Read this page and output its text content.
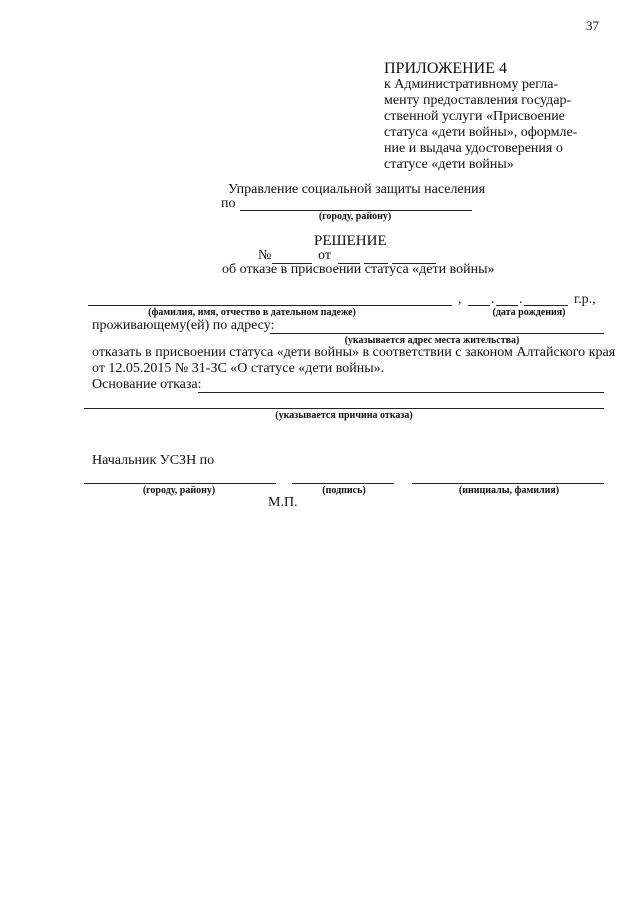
37
ПРИЛОЖЕНИЕ 4
к Административному регла-
менту предоставления государ-
ственной услуги «Присвоение
статуса «дети войны», оформле-
ние и выдача удостоверения о
статусе «дети войны»
Управление социальной защиты населения
по
(городу, району)
РЕШЕНИЕ
№	от
об отказе в присвоении статуса «дети войны»
, . .	г.р.,
(фамилия, имя, отчество в дательном падеже)	(дата рождения)
проживающему(ей) по адресу:
(указывается адрес места жительства)
отказать в присвоении статуса «дети войны» в соответствии с законом Алтайского края
от 12.05.2015 № 31-ЗС «О статусе «дети войны».
Основание отказа:
(указывается причина отказа)
Начальник УСЗН по
(городу, району)	(подпись)	(инициалы, фамилия)
М.П.
